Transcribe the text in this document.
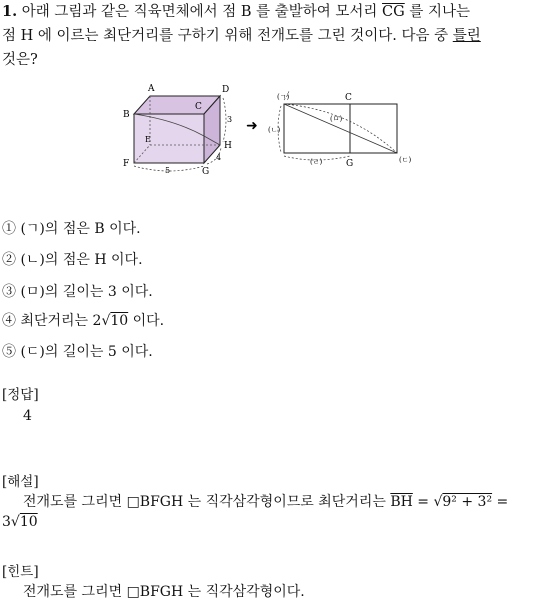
1. 아래 그림과 같은 직육면체에서 점 B 를 출발하여 모서리 $\overline{CG}$ 를 지나는
점 H 에 이르는 최단거리를 구하기 위해 전개도를 그린 것이다. 다음 중 틀린
것은?
A	D
B
C
E
F
G
H
3
4
5
➜
(ㄱ)	C
(ㄴ)
(ㅁ)
(ㄹ)	G	(ㄷ)
① (ㄱ)의 점은 B 이다.
② (ㄴ)의 점은 H 이다.
③ (ㅁ)의 길이는 3 이다.
④ 최단거리는 2√10 이다.
⑤ (ㄷ)의 길이는 5 이다.
[정답]
4
[해설]
전개도를 그리면 □BFGH 는 직각삼각형이므로 최단거리는 $\overline{BH} = √9^2 + 3^2$ =
3√10
[힌트]
전개도를 그리면 □BFGH 는 직각삼각형이다.
